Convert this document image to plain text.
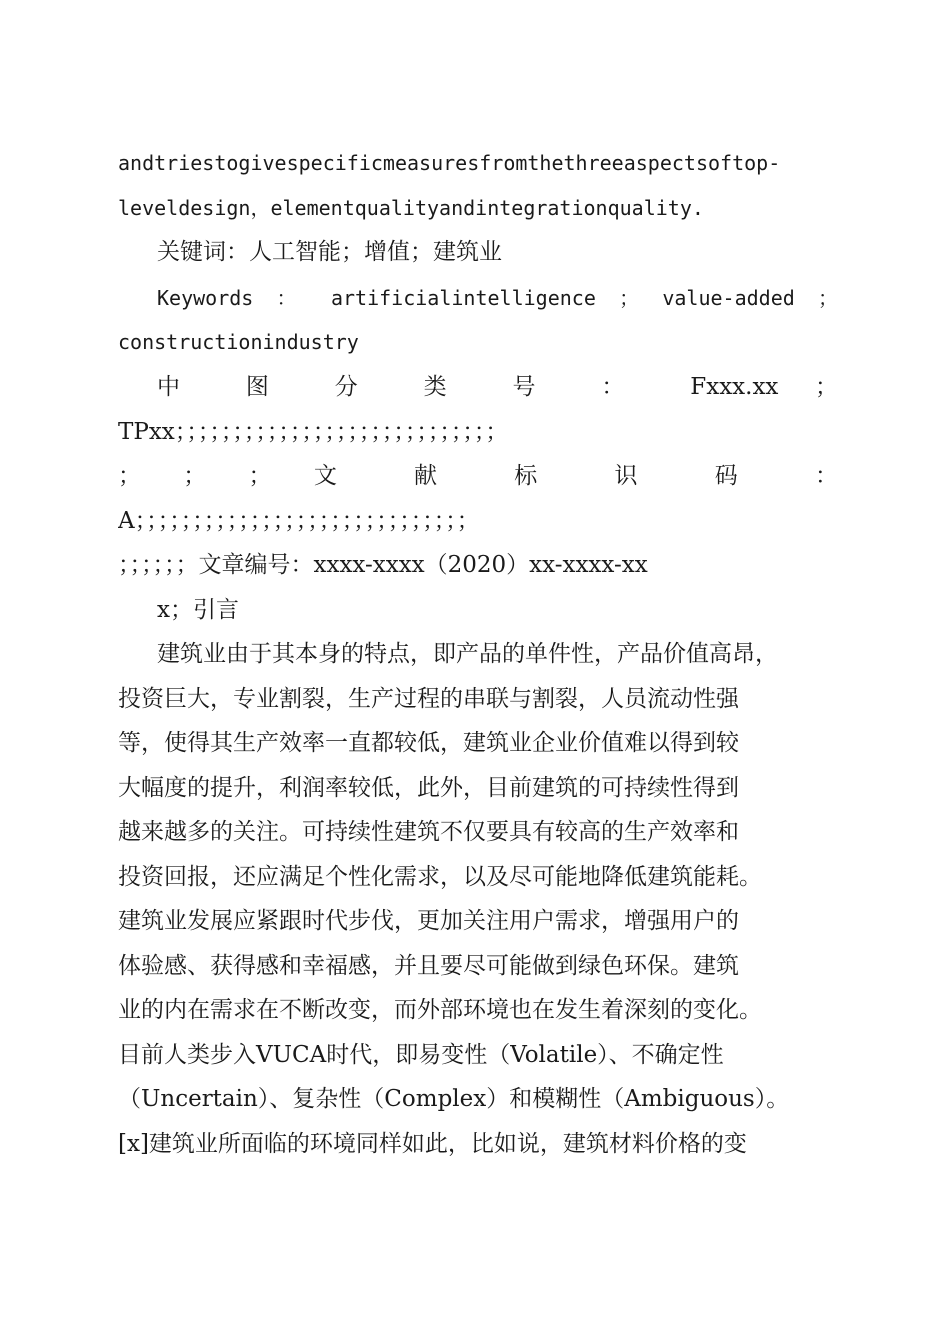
andtriestogivespecificmeasuresfromthethreeaspectsoftop-
leveldesign，elementqualityandintegrationquality.
关键词：人工智能；增值；建筑业
Keywords ： artificialintelligence ； value-added ；
constructionindustry
中 图 分 类 号 ： Fxxx.xx ；
TPxx；；；；；；；；；；；；；；；；；；；；；；；；；；；；
； ； ； 文 献 标 识 码 ：
A；；；；；；；；；；；；；；；；；；；；；；；；；；；；；
；；；；；；文章编号：xxxx-xxxx（2020）xx-xxxx-xx
x；引言
建筑业由于其本身的特点，即产品的单件性，产品价值高昂，
投资巨大，专业割裂，生产过程的串联与割裂，人员流动性强
等，使得其生产效率一直都较低，建筑业企业价值难以得到较
大幅度的提升，利润率较低，此外，目前建筑的可持续性得到
越来越多的关注。可持续性建筑不仅要具有较高的生产效率和
投资回报，还应满足个性化需求，以及尽可能地降低建筑能耗。
建筑业发展应紧跟时代步伐，更加关注用户需求，增强用户的
体验感、获得感和幸福感，并且要尽可能做到绿色环保。建筑
业的内在需求在不断改变，而外部环境也在发生着深刻的变化。
目前人类步入VUCA时代，即易变性（Volatile）、不确定性
（Uncertain）、复杂性（Complex）和模糊性（Ambiguous）。
[x]建筑业所面临的环境同样如此，比如说，建筑材料价格的变
